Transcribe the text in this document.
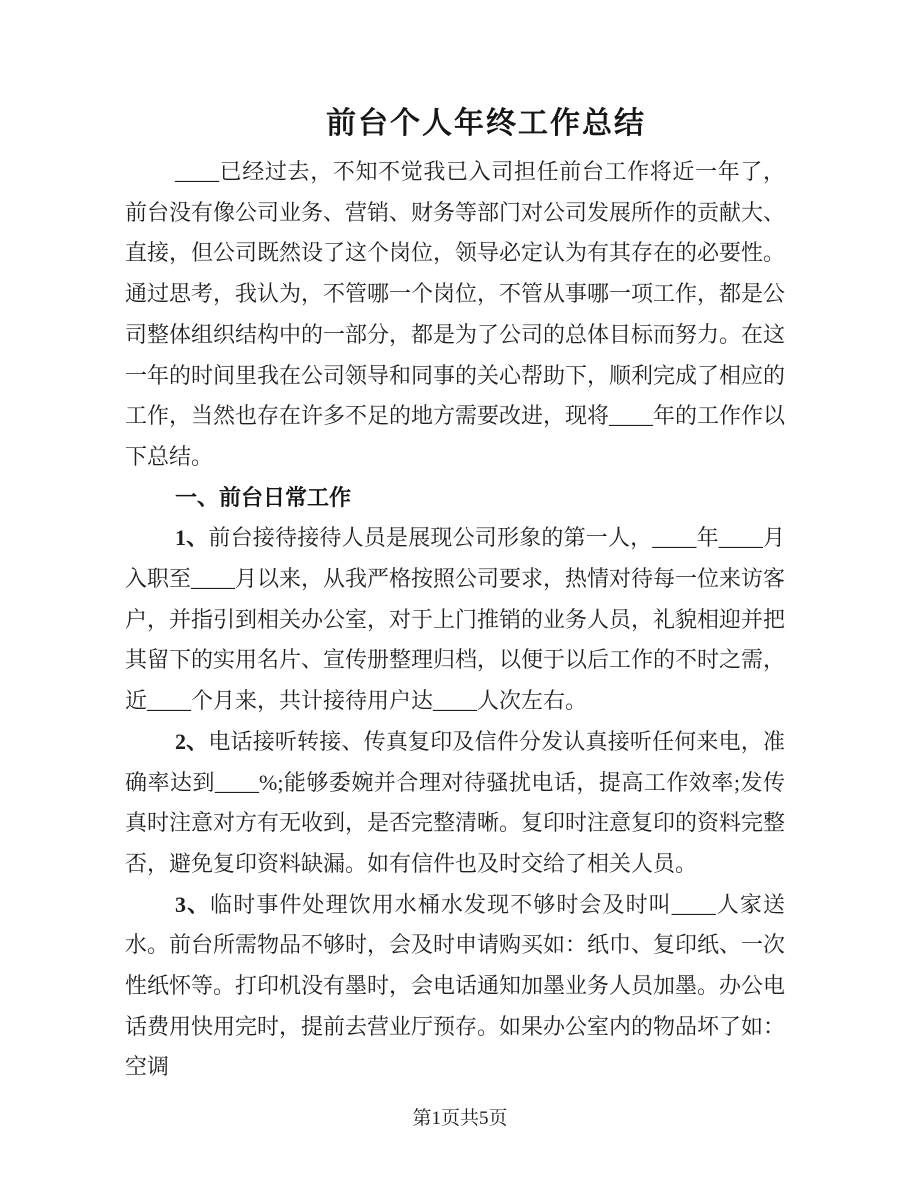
前台个人年终工作总结

____已经过去，不知不觉我已入司担任前台工作将近一年了，前台没有像公司业务、营销、财务等部门对公司发展所作的贡献大、直接，但公司既然设了这个岗位，领导必定认为有其存在的必要性。通过思考，我认为，不管哪一个岗位，不管从事哪一项工作，都是公司整体组织结构中的一部分，都是为了公司的总体目标而努力。在这一年的时间里我在公司领导和同事的关心帮助下，顺利完成了相应的工作，当然也存在许多不足的地方需要改进，现将____年的工作作以下总结。

一、前台日常工作

1、前台接待接待人员是展现公司形象的第一人，____年____月入职至____月以来，从我严格按照公司要求，热情对待每一位来访客户，并指引到相关办公室，对于上门推销的业务人员，礼貌相迎并把其留下的实用名片、宣传册整理归档，以便于以后工作的不时之需，近____个月来，共计接待用户达____人次左右。

2、电话接听转接、传真复印及信件分发认真接听任何来电，准确率达到____%;能够委婉并合理对待骚扰电话，提高工作效率;发传真时注意对方有无收到，是否完整清晰。复印时注意复印的资料完整否，避免复印资料缺漏。如有信件也及时交给了相关人员。

3、临时事件处理饮用水桶水发现不够时会及时叫____人家送水。前台所需物品不够时，会及时申请购买如：纸巾、复印纸、一次性纸怀等。打印机没有墨时，会电话通知加墨业务人员加墨。办公电话费用快用完时，提前去营业厅预存。如果办公室内的物品坏了如：空调

第1页共5页
